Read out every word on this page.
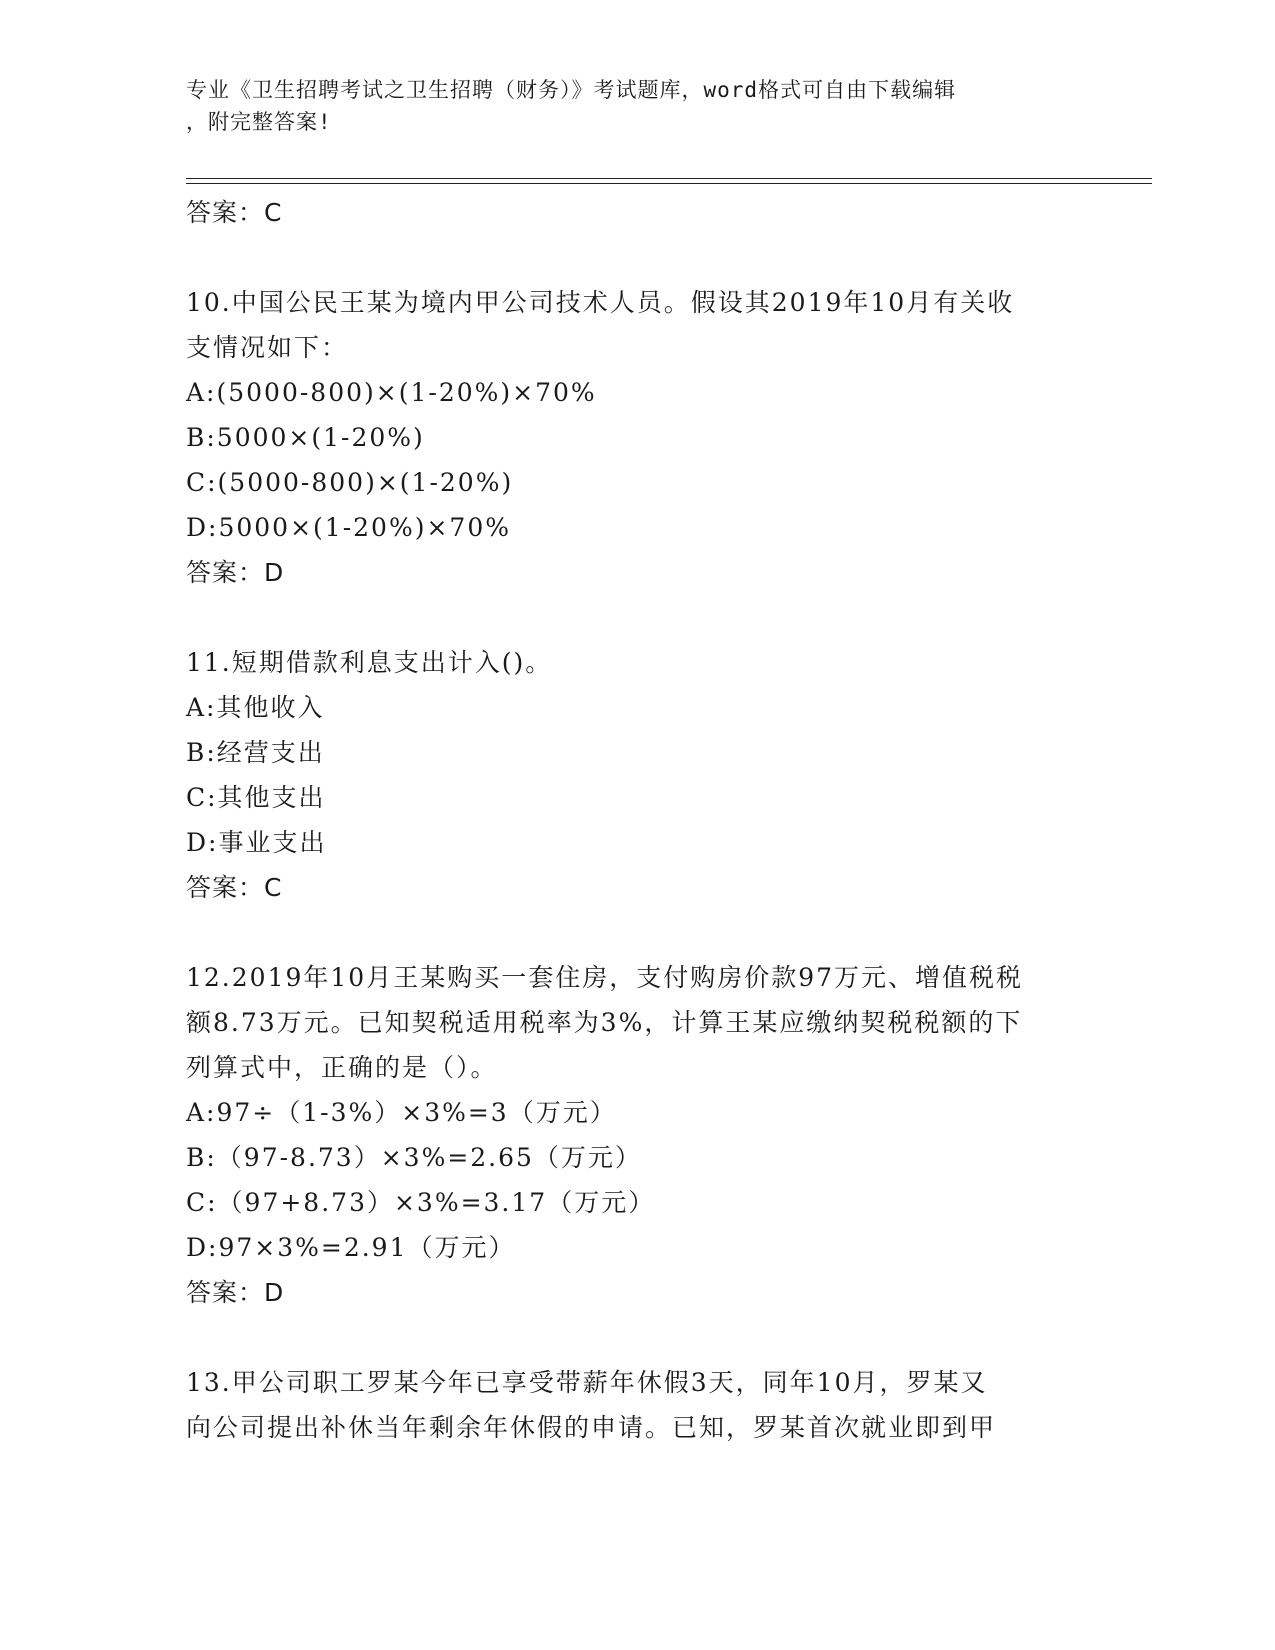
专业《卫生招聘考试之卫生招聘（财务）》考试题库，word格式可自由下载编辑
，附完整答案!
答案：C
10.中国公民王某为境内甲公司技术人员。假设其2019年10月有关收
支情况如下：
A:(5000-800)×(1-20%)×70%
B:5000×(1-20%)
C:(5000-800)×(1-20%)
D:5000×(1-20%)×70%
答案：D
11.短期借款利息支出计入()。
A:其他收入
B:经营支出
C:其他支出
D:事业支出
答案：C
12.2019年10月王某购买一套住房，支付购房价款97万元、增值税税
额8.73万元。已知契税适用税率为3%，计算王某应缴纳契税税额的下
列算式中，正确的是（）。
A:97÷（1-3%）×3%=3（万元）
B:（97-8.73）×3%=2.65（万元）
C:（97+8.73）×3%=3.17（万元）
D:97×3%=2.91（万元）
答案：D
13.甲公司职工罗某今年已享受带薪年休假3天，同年10月，罗某又
向公司提出补休当年剩余年休假的申请。已知，罗某首次就业即到甲
